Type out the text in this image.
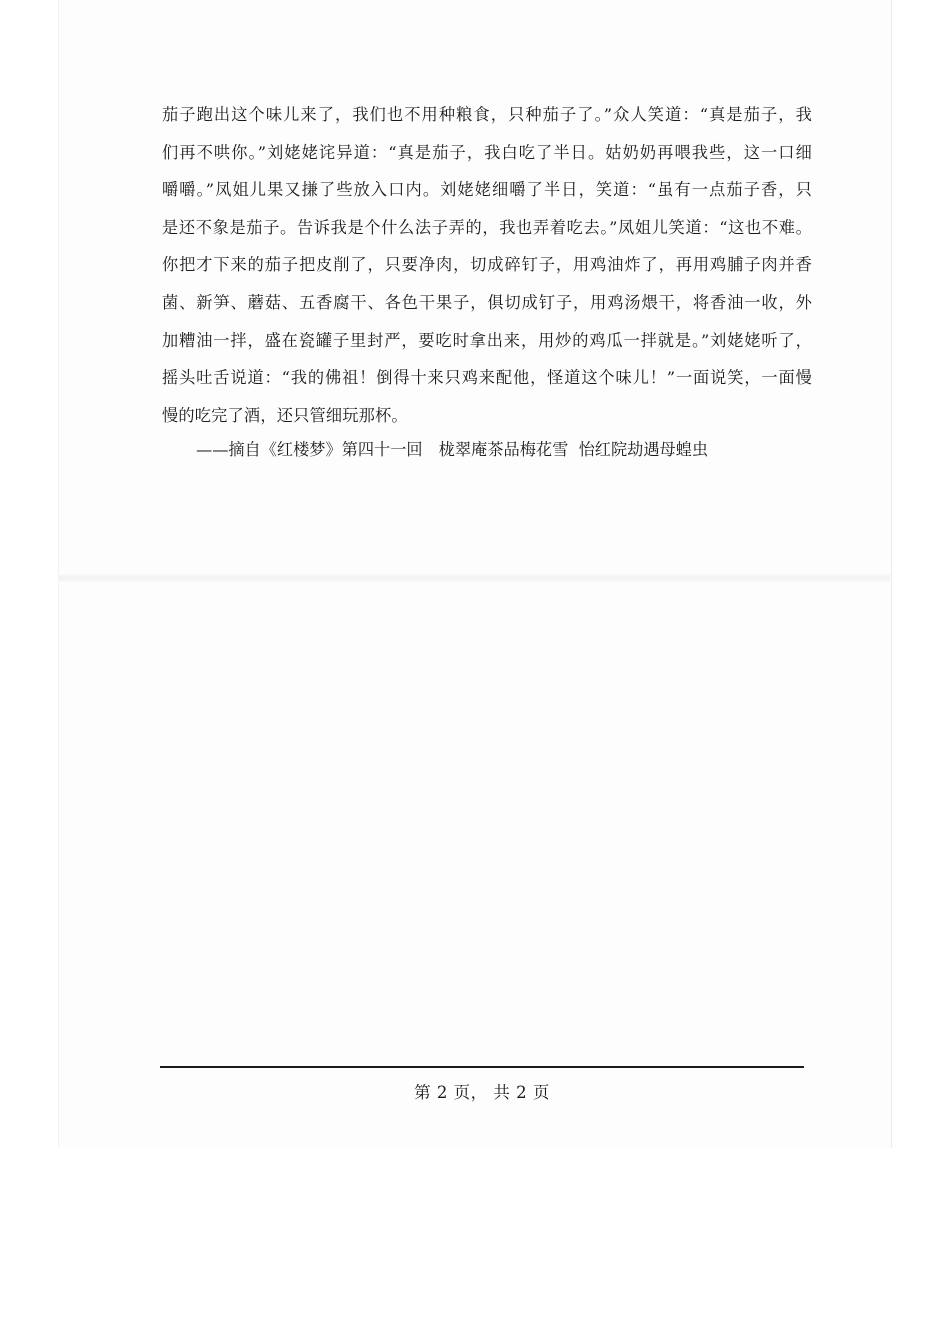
茄子跑出这个味儿来了，我们也不用种粮食，只种茄子了。”众人笑道：“真是茄子，我
们再不哄你。”刘姥姥诧异道：“真是茄子，我白吃了半日。姑奶奶再喂我些，这一口细
嚼嚼。”凤姐儿果又搛了些放入口内。刘姥姥细嚼了半日，笑道：“虽有一点茄子香，只
是还不象是茄子。告诉我是个什么法子弄的，我也弄着吃去。”凤姐儿笑道：“这也不难。
你把才下来的茄子把皮削了，只要净肉，切成碎钉子，用鸡油炸了，再用鸡脯子肉并香
菌、新笋、蘑菇、五香腐干、各色干果子，俱切成钉子，用鸡汤煨干，将香油一收，外
加糟油一拌，盛在瓷罐子里封严，要吃时拿出来，用炒的鸡瓜一拌就是。”刘姥姥听了，
摇头吐舌说道：“我的佛祖！倒得十来只鸡来配他，怪道这个味儿！”一面说笑，一面慢
慢的吃完了酒，还只管细玩那杯。
——摘自《红楼梦》第四十一回　栊翠庵茶品梅花雪  怡红院劫遇母蝗虫
第 2 页， 共 2 页
